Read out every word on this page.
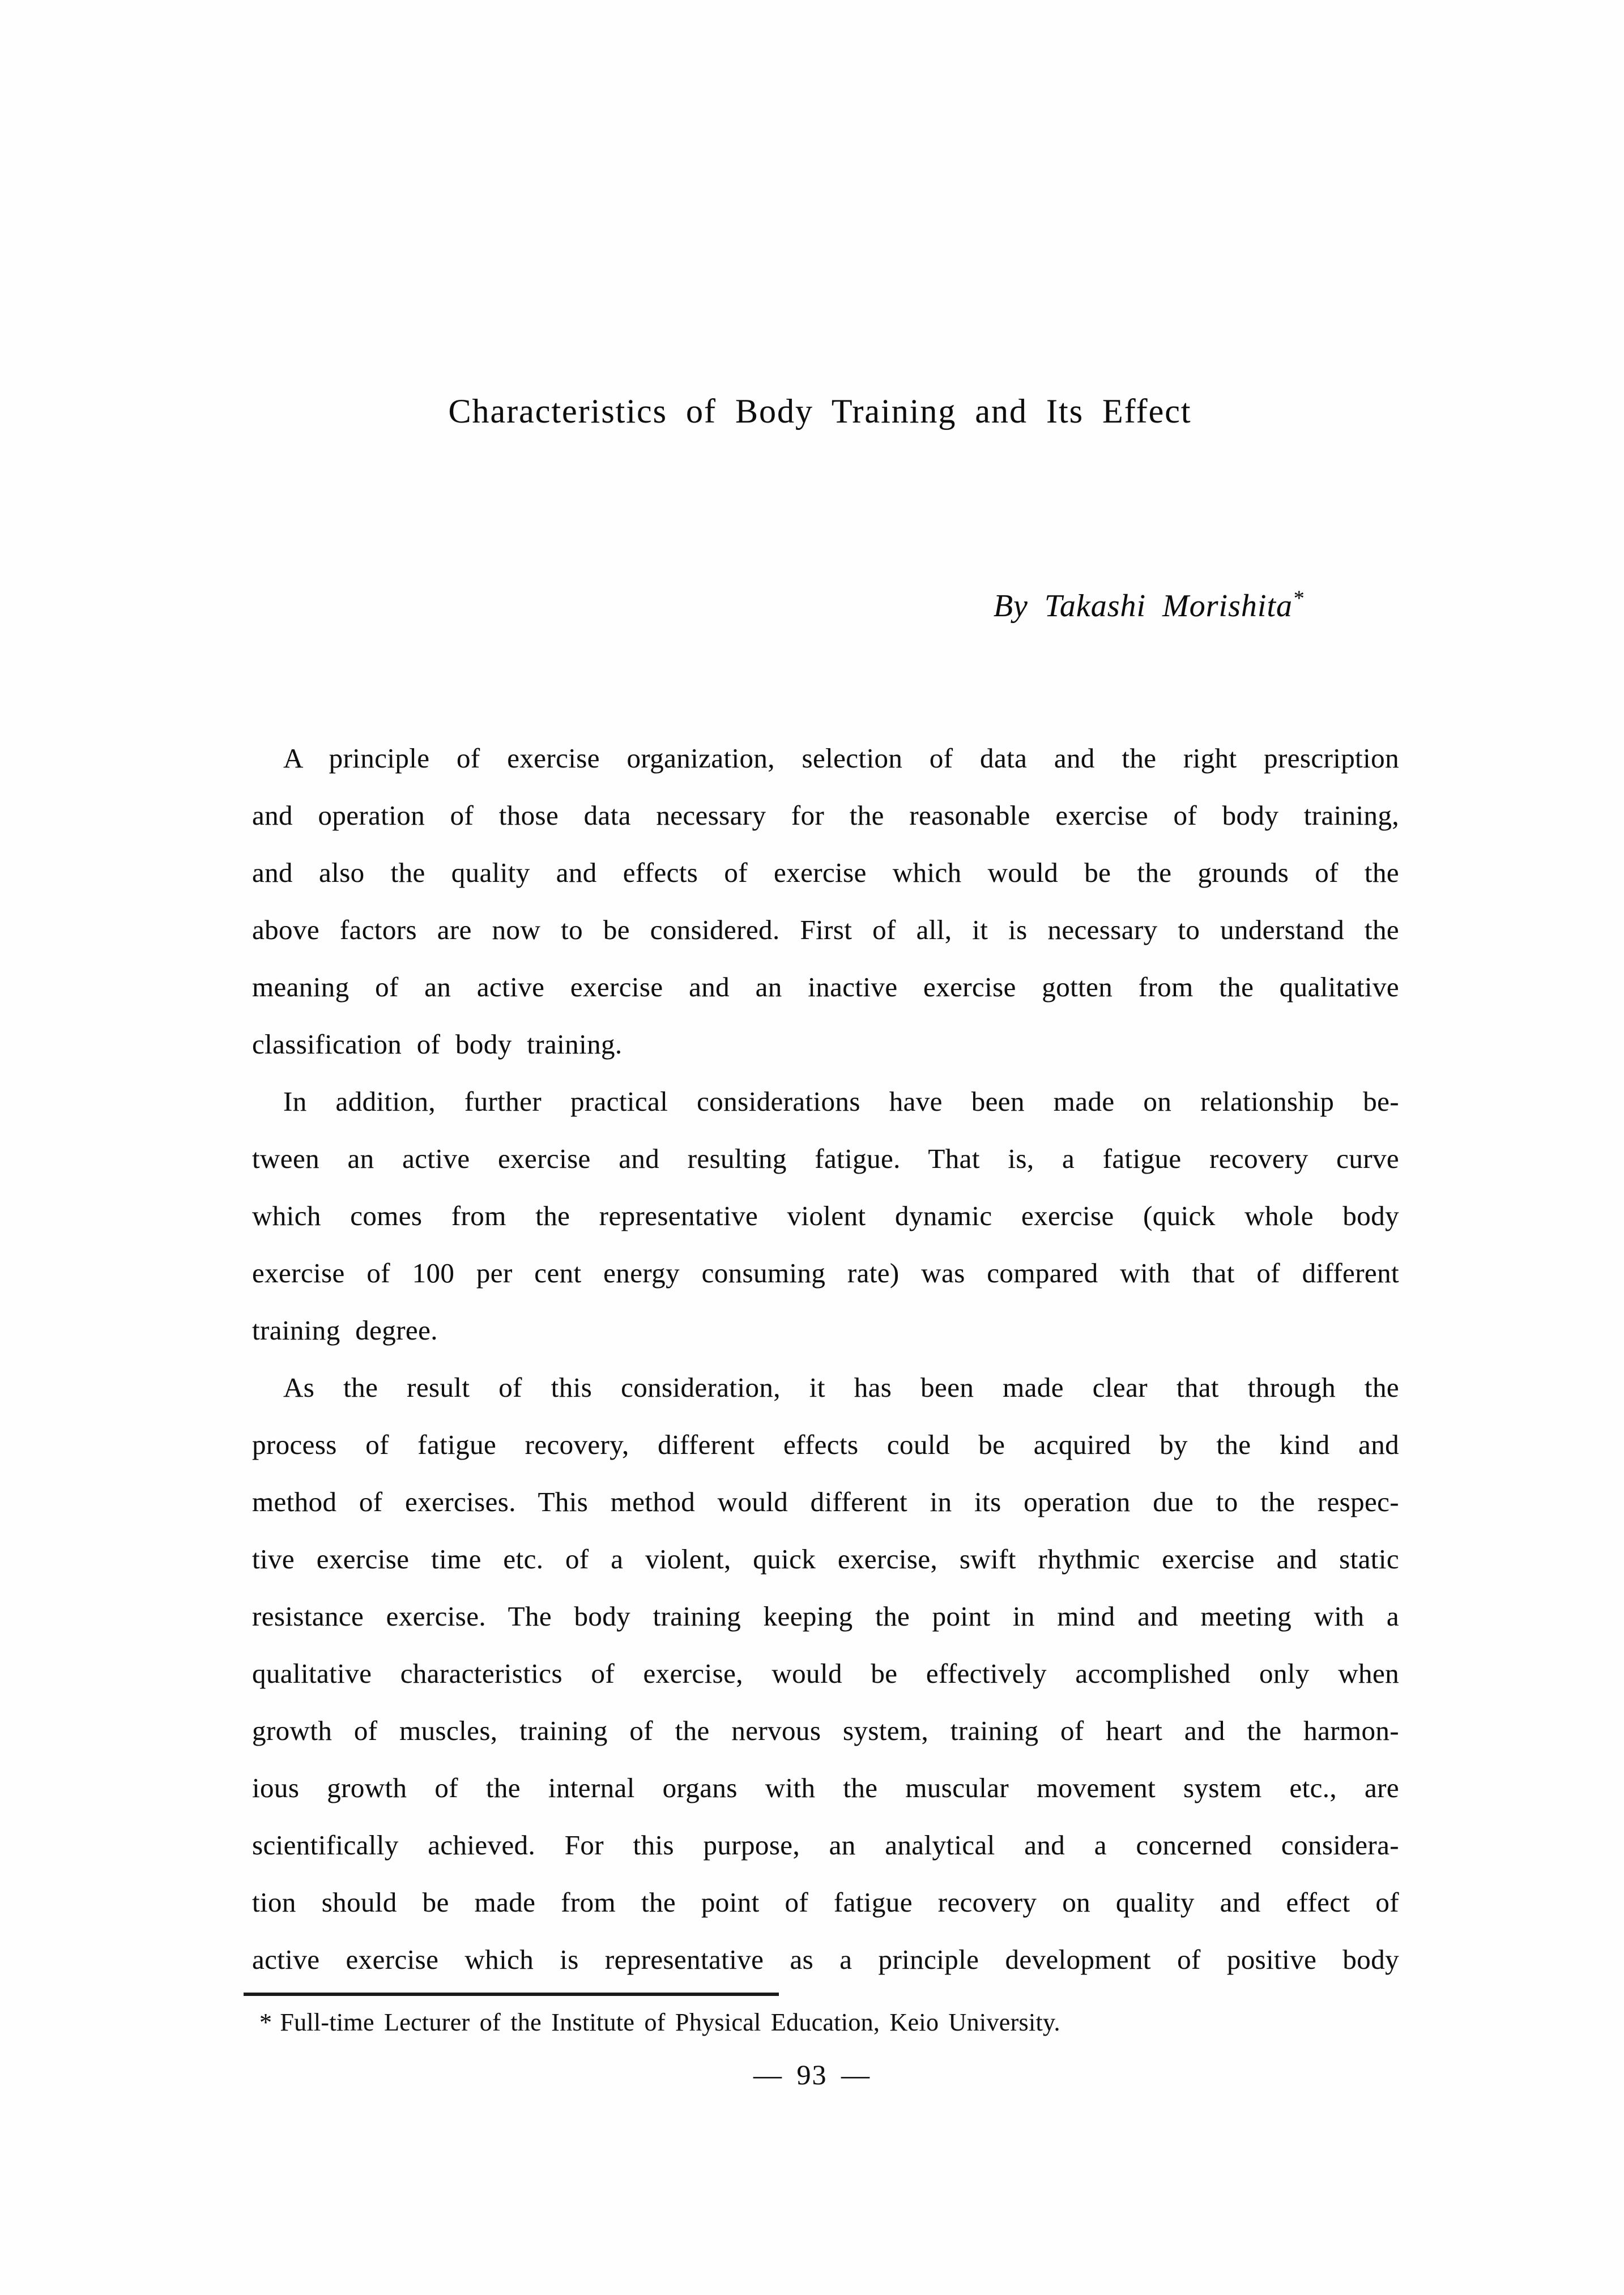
Characteristics of Body Training and Its Effect
By Takashi Morishita*
A principle of exercise organization, selection of data and the right prescription
and operation of those data necessary for the reasonable exercise of body training,
and also the quality and effects of exercise which would be the grounds of the
above factors are now to be considered. First of all, it is necessary to understand the
meaning of an active exercise and an inactive exercise gotten from the qualitative
classification of body training.
In addition, further practical considerations have been made on relationship be-
tween an active exercise and resulting fatigue. That is, a fatigue recovery curve
which comes from the representative violent dynamic exercise (quick whole body
exercise of 100 per cent energy consuming rate) was compared with that of different
training degree.
As the result of this consideration, it has been made clear that through the
process of fatigue recovery, different effects could be acquired by the kind and
method of exercises. This method would different in its operation due to the respec-
tive exercise time etc. of a violent, quick exercise, swift rhythmic exercise and static
resistance exercise. The body training keeping the point in mind and meeting with a
qualitative characteristics of exercise, would be effectively accomplished only when
growth of muscles, training of the nervous system, training of heart and the harmon-
ious growth of the internal organs with the muscular movement system etc., are
scientifically achieved. For this purpose, an analytical and a concerned considera-
tion should be made from the point of fatigue recovery on quality and effect of
active exercise which is representative as a principle development of positive body
* Full-time Lecturer of the Institute of Physical Education, Keio University.
— 93 —
